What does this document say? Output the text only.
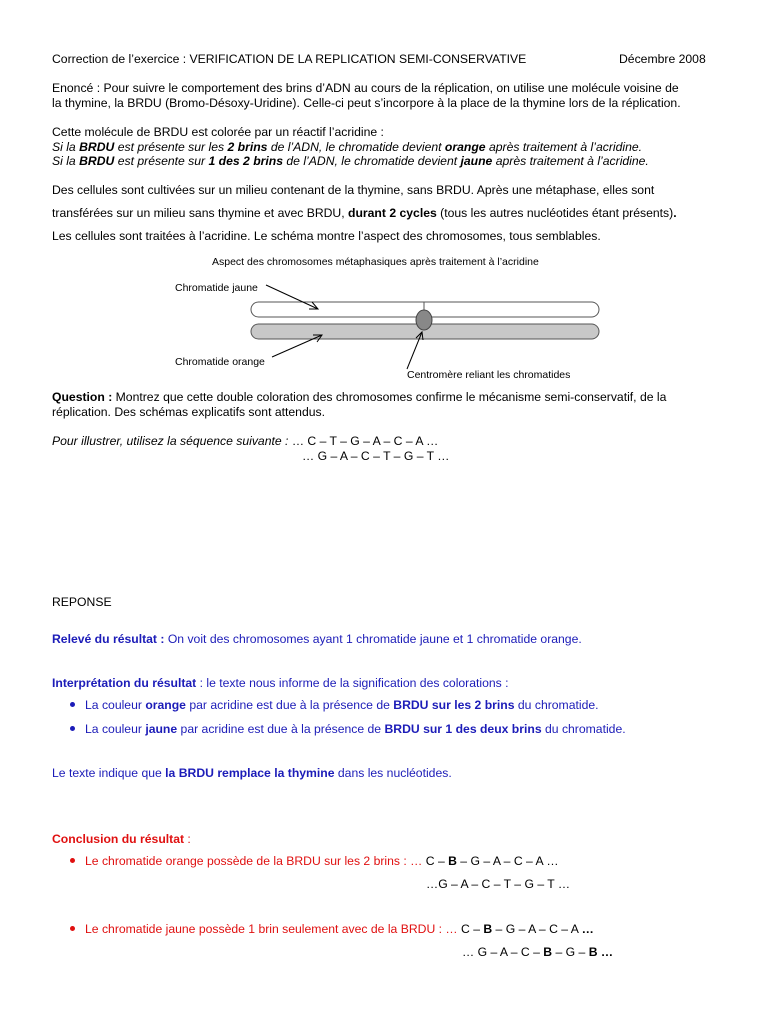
Correction de l’exercice : VERIFICATION DE LA REPLICATION SEMI-CONSERVATIVE	Décembre 2008
Enoncé : Pour suivre le comportement des brins d’ADN au cours de la réplication, on utilise une molécule voisine de
la thymine, la BRDU (Bromo-Désoxy-Uridine). Celle-ci peut s’incorpore à la place de la thymine lors de la réplication.
Cette molécule de BRDU est colorée par un réactif l’acridine :
Si la BRDU est présente sur les 2 brins de l’ADN, le chromatide devient orange après traitement à l’acridine.
Si la BRDU est présente sur 1 des 2 brins de l’ADN, le chromatide devient jaune après traitement à l’acridine.
Des cellules sont cultivées sur un milieu contenant de la thymine, sans BRDU. Après une métaphase, elles sont
transférées sur un milieu sans thymine et avec BRDU, durant 2 cycles (tous les autres nucléotides étant présents).
Les cellules sont traitées à l’acridine. Le schéma montre l’aspect des chromosomes, tous semblables.
Aspect des chromosomes métaphasiques après traitement à l’acridine
Chromatide jaune
Chromatide orange
Centromère reliant les chromatides
Question : Montrez que cette double coloration des chromosomes confirme le mécanisme semi-conservatif, de la
réplication. Des schémas explicatifs sont attendus.
Pour illustrer, utilisez la séquence suivante : … C – T – G – A – C – A …
… G – A – C – T – G – T …
REPONSE
Relevé du résultat : On voit des chromosomes ayant 1 chromatide jaune et 1 chromatide orange.
Interprétation du résultat : le texte nous informe de la signification des colorations :
La couleur orange par acridine est due à la présence de BRDU sur les 2 brins du chromatide.
La couleur jaune par acridine est due à la présence de BRDU sur 1 des deux brins du chromatide.
Le texte indique que la BRDU remplace la thymine dans les nucléotides.
Conclusion du résultat :
Le chromatide orange possède de la BRDU sur les 2 brins : … C – B – G – A – C – A …
…G – A – C – T – G – T …
Le chromatide jaune possède 1 brin seulement avec de la BRDU : … C – B – G – A – C – A …
… G – A – C – B – G – B …
